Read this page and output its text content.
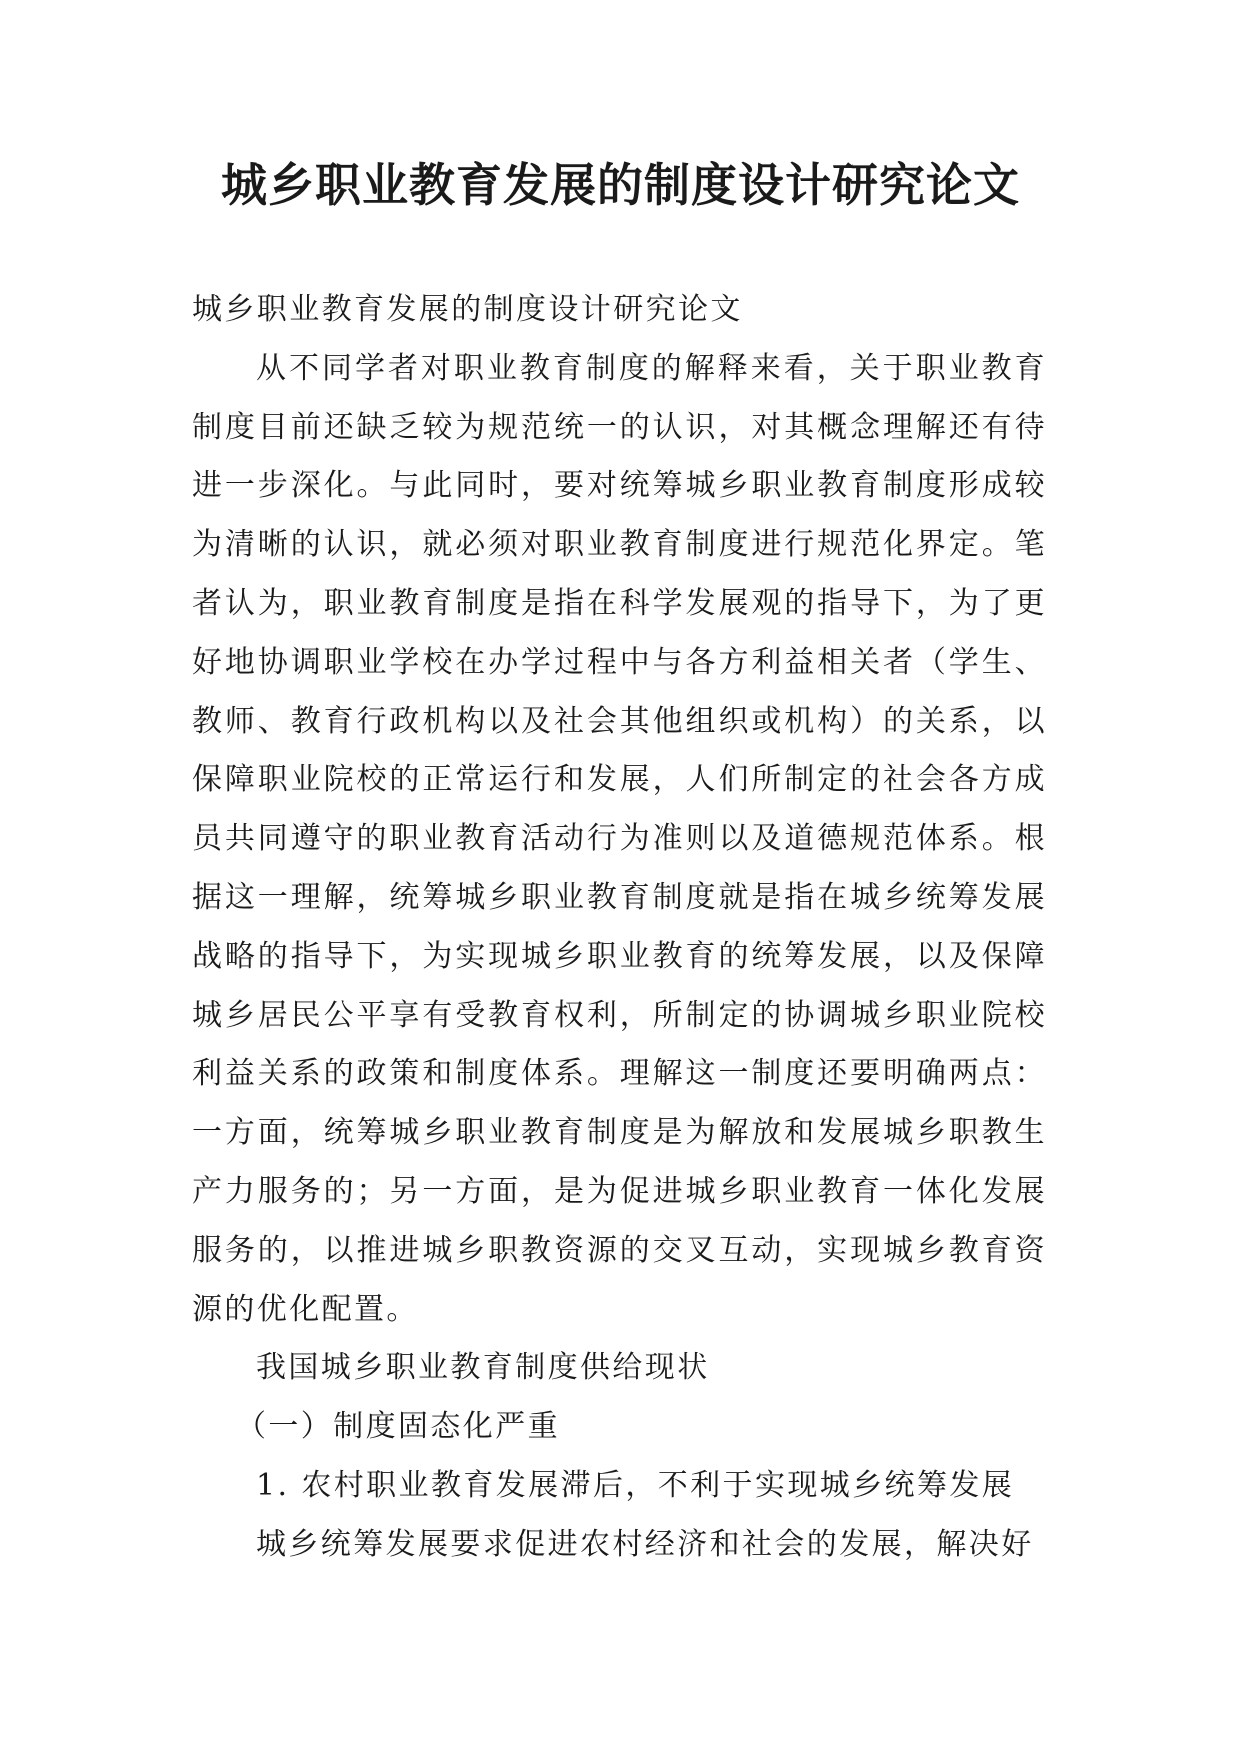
城乡职业教育发展的制度设计研究论文

城乡职业教育发展的制度设计研究论文

从不同学者对职业教育制度的解释来看，关于职业教育制度目前还缺乏较为规范统一的认识，对其概念理解还有待进一步深化。与此同时，要对统筹城乡职业教育制度形成较为清晰的认识，就必须对职业教育制度进行规范化界定。笔者认为，职业教育制度是指在科学发展观的指导下，为了更好地协调职业学校在办学过程中与各方利益相关者（学生、教师、教育行政机构以及社会其他组织或机构）的关系，以保障职业院校的正常运行和发展，人们所制定的社会各方成员共同遵守的职业教育活动行为准则以及道德规范体系。根据这一理解，统筹城乡职业教育制度就是指在城乡统筹发展战略的指导下，为实现城乡职业教育的统筹发展，以及保障城乡居民公平享有受教育权利，所制定的协调城乡职业院校利益关系的政策和制度体系。理解这一制度还要明确两点：一方面，统筹城乡职业教育制度是为解放和发展城乡职教生产力服务的；另一方面，是为促进城乡职业教育一体化发展服务的，以推进城乡职教资源的交叉互动，实现城乡教育资源的优化配置。

我国城乡职业教育制度供给现状

（一）制度固态化严重

1. 农村职业教育发展滞后，不利于实现城乡统筹发展

城乡统筹发展要求促进农村经济和社会的发展，解决好
